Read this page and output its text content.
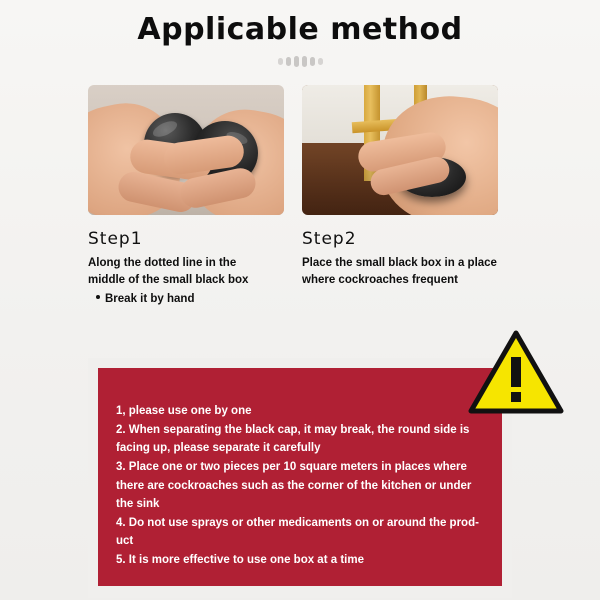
Applicable method
Step1
Along the dotted line in the
middle of the small black box
Break it by hand
Step2
Place the small black box in a place
where cockroaches frequent
1, please use one by one
2. When separating the black cap, it may break, the round side is
facing up, please separate it carefully
3. Place one or two pieces per 10 square meters in places where
there are cockroaches such as the corner of the kitchen or under
the sink
4. Do not use sprays or other medicaments on or around the prod-
uct
5. It is more effective to use one box at a time
